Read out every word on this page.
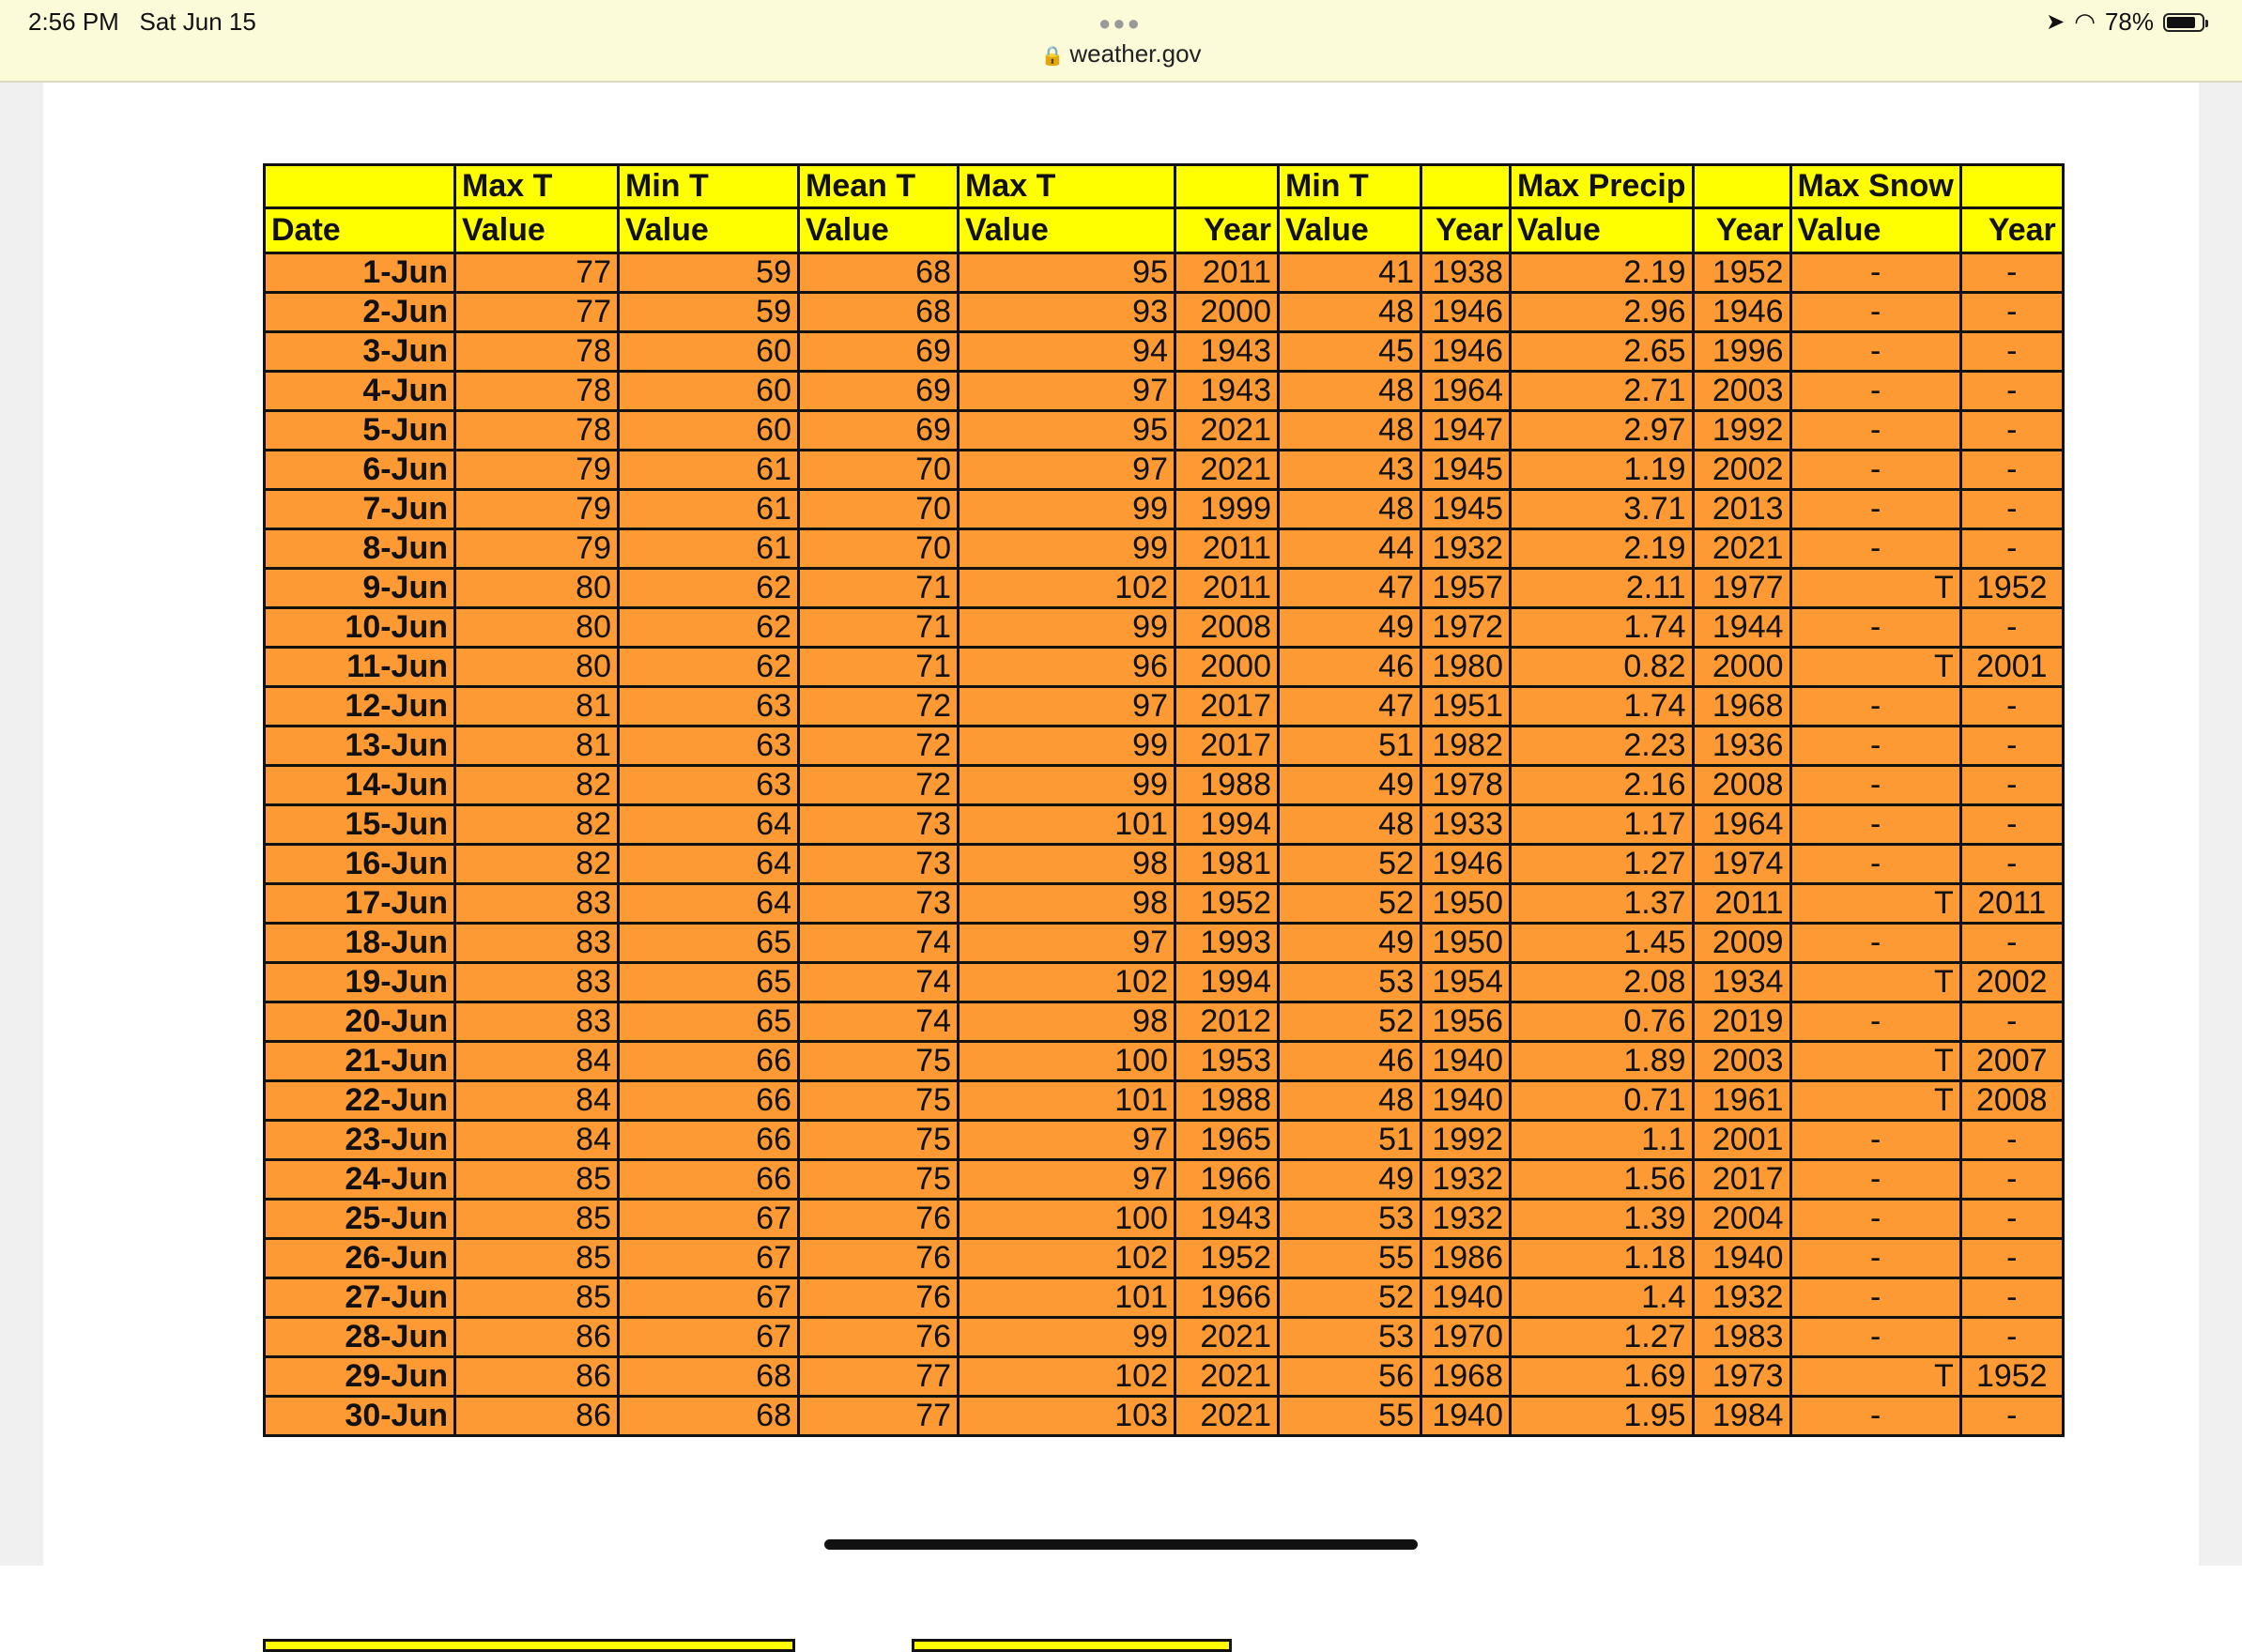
2:56 PM Sat Jun 15	●●●	➤ ◠ 78%
🔒 weather.gov
	Max T	Min T	Mean T	Max T		Min T		Max Precip		Max Snow	
Date	Value	Value	Value	Value	Year	Value	Year	Value	Year	Value	Year
1-Jun	77	59	68	95	2011	41	1938	2.19	1952	-	-
2-Jun	77	59	68	93	2000	48	1946	2.96	1946	-	-
3-Jun	78	60	69	94	1943	45	1946	2.65	1996	-	-
4-Jun	78	60	69	97	1943	48	1964	2.71	2003	-	-
5-Jun	78	60	69	95	2021	48	1947	2.97	1992	-	-
6-Jun	79	61	70	97	2021	43	1945	1.19	2002	-	-
7-Jun	79	61	70	99	1999	48	1945	3.71	2013	-	-
8-Jun	79	61	70	99	2011	44	1932	2.19	2021	-	-
9-Jun	80	62	71	102	2011	47	1957	2.11	1977	T	1952
10-Jun	80	62	71	99	2008	49	1972	1.74	1944	-	-
11-Jun	80	62	71	96	2000	46	1980	0.82	2000	T	2001
12-Jun	81	63	72	97	2017	47	1951	1.74	1968	-	-
13-Jun	81	63	72	99	2017	51	1982	2.23	1936	-	-
14-Jun	82	63	72	99	1988	49	1978	2.16	2008	-	-
15-Jun	82	64	73	101	1994	48	1933	1.17	1964	-	-
16-Jun	82	64	73	98	1981	52	1946	1.27	1974	-	-
17-Jun	83	64	73	98	1952	52	1950	1.37	2011	T	2011
18-Jun	83	65	74	97	1993	49	1950	1.45	2009	-	-
19-Jun	83	65	74	102	1994	53	1954	2.08	1934	T	2002
20-Jun	83	65	74	98	2012	52	1956	0.76	2019	-	-
21-Jun	84	66	75	100	1953	46	1940	1.89	2003	T	2007
22-Jun	84	66	75	101	1988	48	1940	0.71	1961	T	2008
23-Jun	84	66	75	97	1965	51	1992	1.1	2001	-	-
24-Jun	85	66	75	97	1966	49	1932	1.56	2017	-	-
25-Jun	85	67	76	100	1943	53	1932	1.39	2004	-	-
26-Jun	85	67	76	102	1952	55	1986	1.18	1940	-	-
27-Jun	85	67	76	101	1966	52	1940	1.4	1932	-	-
28-Jun	86	67	76	99	2021	53	1970	1.27	1983	-	-
29-Jun	86	68	77	102	2021	56	1968	1.69	1973	T	1952
30-Jun	86	68	77	103	2021	55	1940	1.95	1984	-	-
